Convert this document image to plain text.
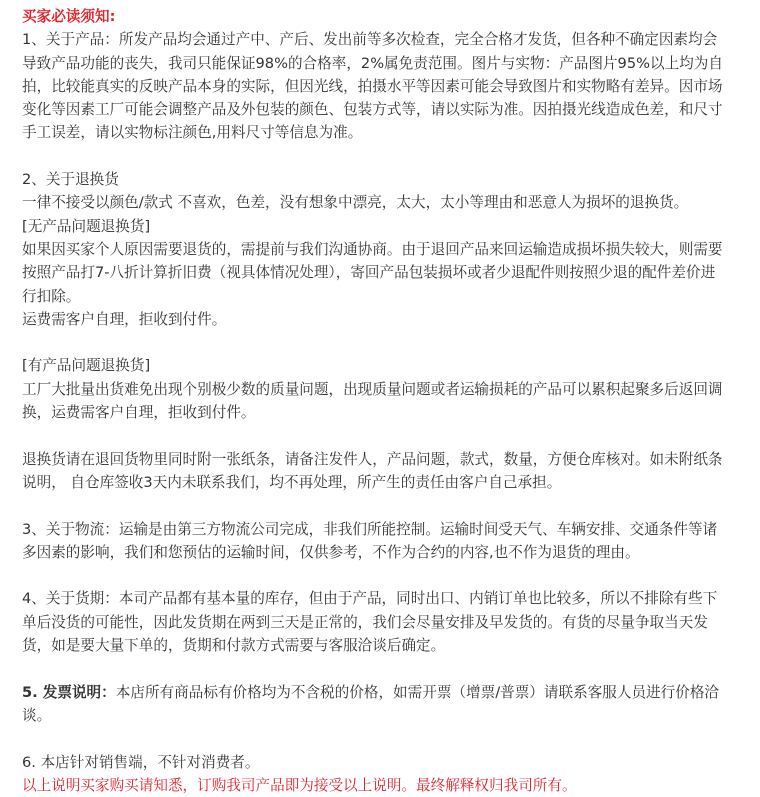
买家必读须知:
1、关于产品：所发产品均会通过产中、产后、发出前等多次检查，完全合格才发货，但各种不确定因素均会
导致产品功能的丧失，我司只能保证98%的合格率，2%属免责范围。图片与实物：产品图片95%以上均为自
拍，比较能真实的反映产品本身的实际，但因光线，拍摄水平等因素可能会导致图片和实物略有差异。因市场
变化等因素工厂可能会调整产品及外包装的颜色、包装方式等，请以实际为准。因拍摄光线造成色差，和尺寸
手工误差，请以实物标注颜色,用料尺寸等信息为准。
2、关于退换货
一律不接受以颜色/款式 不喜欢，色差，没有想象中漂亮，太大，太小等理由和恶意人为损坏的退换货。
[无产品问题退换货]
如果因买家个人原因需要退货的，需提前与我们沟通协商。由于退回产品来回运输造成损坏损失较大，则需要
按照产品打7-八折计算折旧费（视具体情况处理），寄回产品包装损坏或者少退配件则按照少退的配件差价进
行扣除。
运费需客户自理，拒收到付件。
[有产品问题退换货]
工厂大批量出货难免出现个别极少数的质量问题，出现质量问题或者运输损耗的产品可以累积起聚多后返回调
换，运费需客户自理，拒收到付件。
退换货请在退回货物里同时附一张纸条，请备注发件人，产品问题，款式，数量，方便仓库核对。如未附纸条
说明， 自仓库签收3天内未联系我们，均不再处理，所产生的责任由客户自己承担。
3、关于物流：运输是由第三方物流公司完成，非我们所能控制。运输时间受天气、车辆安排、交通条件等诸
多因素的影响，我们和您预估的运输时间，仅供参考，不作为合约的内容,也不作为退货的理由。
4、关于货期：本司产品都有基本量的库存，但由于产品，同时出口、内销订单也比较多，所以不排除有些下
单后没货的可能性，因此发货期在两到三天是正常的，我们会尽量安排及早发货的。有货的尽量争取当天发
货，如是要大量下单的，货期和付款方式需要与客服洽谈后确定。
5. 发票说明：本店所有商品标有价格均为不含税的价格，如需开票（增票/普票）请联系客服人员进行价格洽
谈。
6. 本店针对销售端，不针对消费者。
以上说明买家购买请知悉，订购我司产品即为接受以上说明。最终解释权归我司所有。
